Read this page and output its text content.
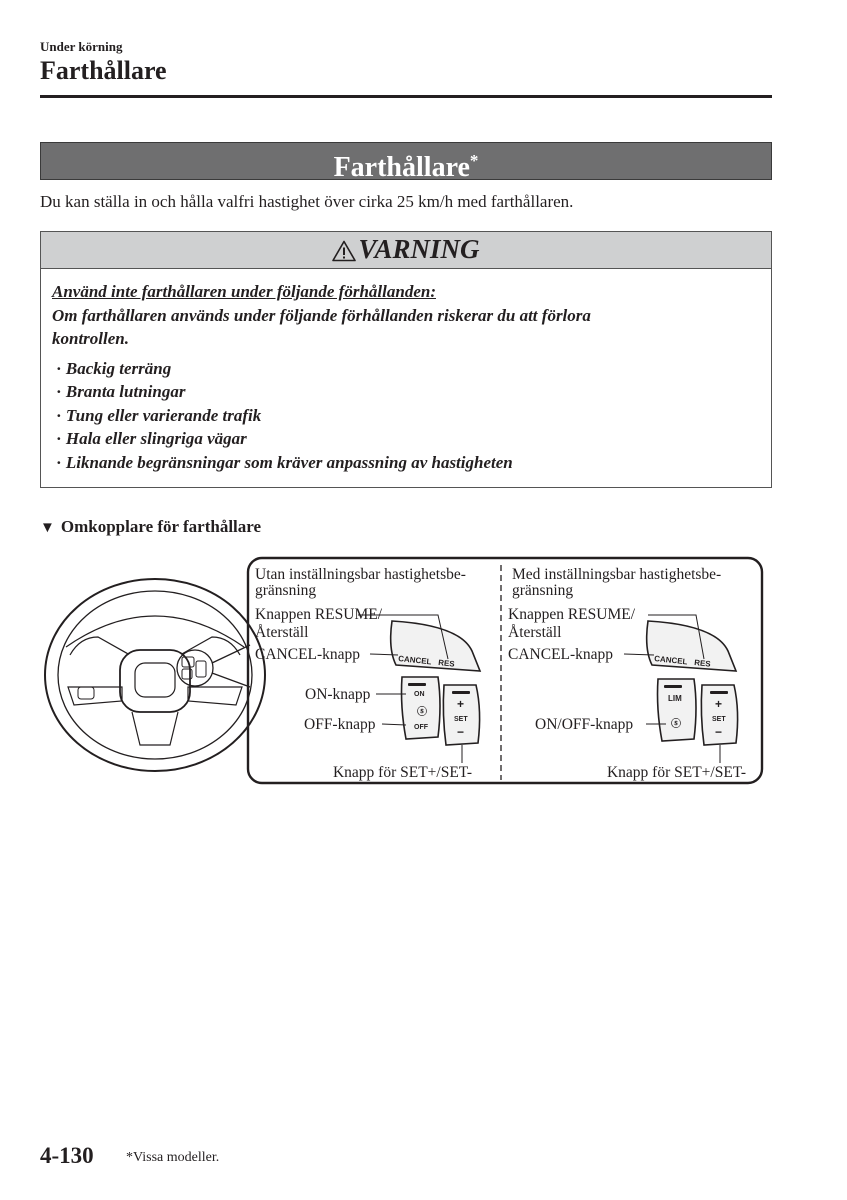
Under körning
Farthållare
Farthållare*
Du kan ställa in och hålla valfri hastighet över cirka 25 km/h med farthållaren.
VARNING
Använd inte farthållaren under följande förhållanden:
Om farthållaren används under följande förhållanden riskerar du att förlora
kontrollen.
· Backig terräng
· Branta lutningar
· Tung eller varierande trafik
· Hala eller slingriga vägar
· Liknande begränsningar som kräver anpassning av hastigheten
▼ Omkopplare för farthållare
Utan inställningsbar hastighetsbe-
gränsning
Knappen RESUME/
Återställ
CANCEL-knapp
ON-knapp
OFF-knapp
Knapp för SET+/SET-
CANCEL RES
ON
ⓢ
OFF
+
SET
−
Med inställningsbar hastighetsbe-
gränsning
Knappen RESUME/
Återställ
CANCEL-knapp
ON/OFF-knapp
Knapp för SET+/SET-
CANCEL RES
LIM
ⓢ
+
SET
−
4-130 *Vissa modeller.
